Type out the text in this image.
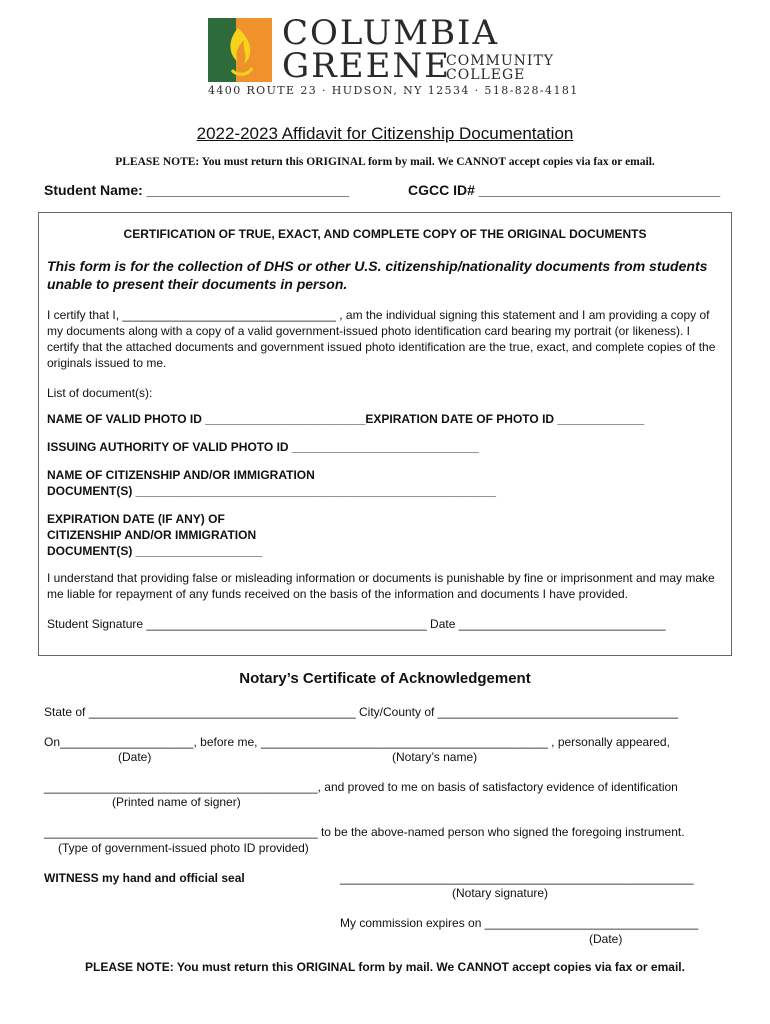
COLUMBIA
GREENE
COMMUNITY
COLLEGE
4400 ROUTE 23 · HUDSON, NY 12534 · 518-828-4181
2022-2023 Affidavit for Citizenship Documentation
PLEASE NOTE: You must return this ORIGINAL form by mail. We CANNOT accept copies via fax or email.
Student Name: __________________________	CGCC ID# _______________________________
CERTIFICATION OF TRUE, EXACT, AND COMPLETE COPY OF THE ORIGINAL DOCUMENTS
This form is for the collection of DHS or other U.S. citizenship/nationality documents from students unable to present their documents in person.
I certify that I, ________________________________ , am the individual signing this statement and I am providing a copy of my documents along with a copy of a valid government-issued photo identification card bearing my portrait (or likeness). I certify that the attached documents and government issued photo identification are the true, exact, and complete copies of the originals issued to me.
List of document(s):
NAME OF VALID PHOTO ID ________________________EXPIRATION DATE OF PHOTO ID _____________
ISSUING AUTHORITY OF VALID PHOTO ID ____________________________
NAME OF CITIZENSHIP AND/OR IMMIGRATION
DOCUMENT(S) ______________________________________________________
EXPIRATION DATE (IF ANY) OF
CITIZENSHIP AND/OR IMMIGRATION
DOCUMENT(S) ___________________
I understand that providing false or misleading information or documents is punishable by fine or imprisonment and may make me liable for repayment of any funds received on the basis of the information and documents I have provided.
Student Signature __________________________________________ Date _______________________________
Notary’s Certificate of Acknowledgement
State of ________________________________________ City/County of ____________________________________
On____________________, before me, ___________________________________________ , personally appeared,
(Date)	(Notary’s name)
_________________________________________, and proved to me on basis of satisfactory evidence of identification
(Printed name of signer)
_________________________________________ to be the above-named person who signed the foregoing instrument.
(Type of government-issued photo ID provided)
WITNESS my hand and official seal	_____________________________________________________
(Notary signature)
My commission expires on ________________________________
(Date)
PLEASE NOTE: You must return this ORIGINAL form by mail. We CANNOT accept copies via fax or email.
